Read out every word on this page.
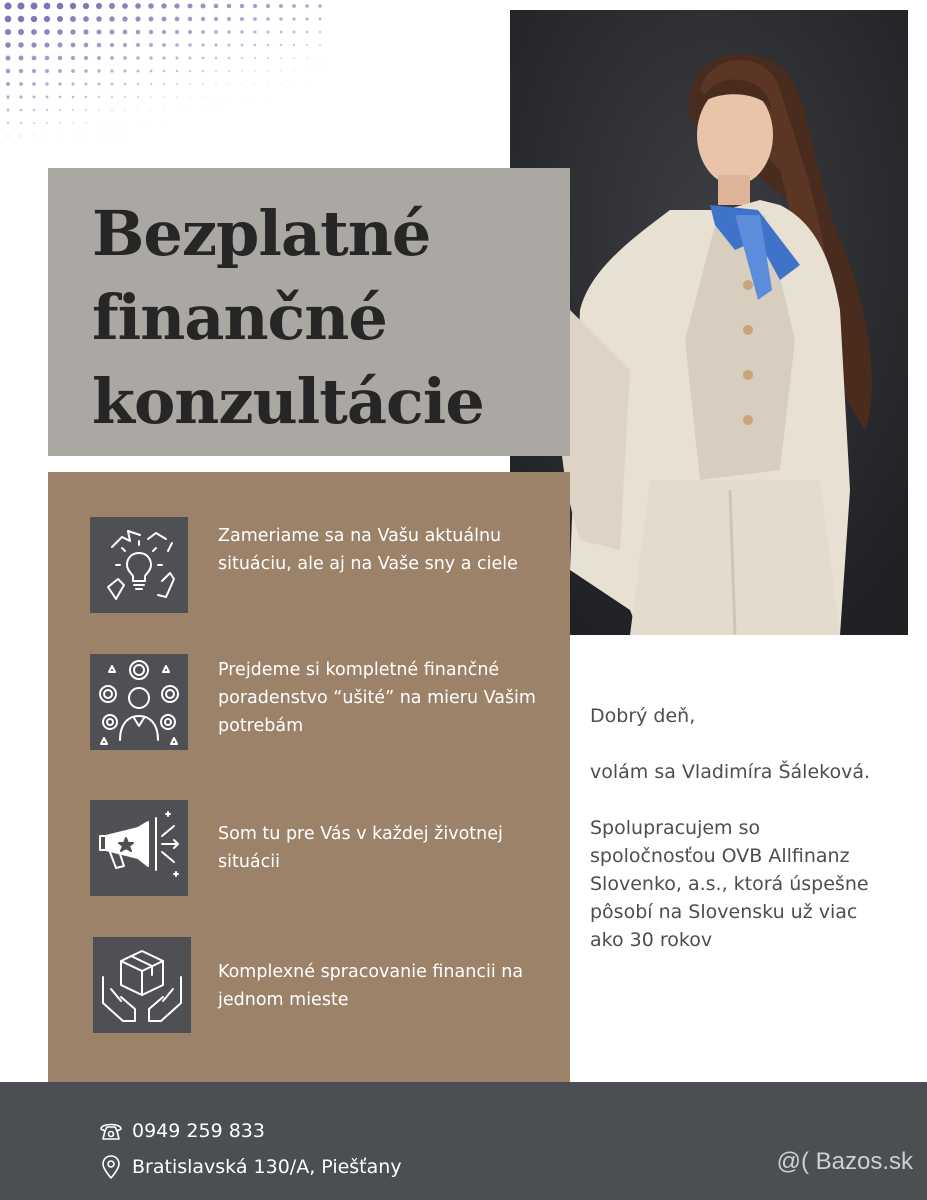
Bezplatné
finančné
konzultácie
Zameriame sa na Vašu aktuálnu situáciu, ale aj na Vaše sny a ciele
Prejdeme si kompletné finančné poradenstvo “ušité” na mieru Vašim potrebám
Som tu pre Vás v každej životnej situácii
Komplexné spracovanie financii na jednom mieste

Dobrý deň,

volám sa Vladimíra Šáleková.

Spolupracujem so spoločnosťou OVB Allfinanz Slovenko, a.s., ktorá úspešne pôsobí na Slovensku už viac ako 30 rokov

0949 259 833
Bratislavská 130/A, Piešťany	@( Bazos.sk
